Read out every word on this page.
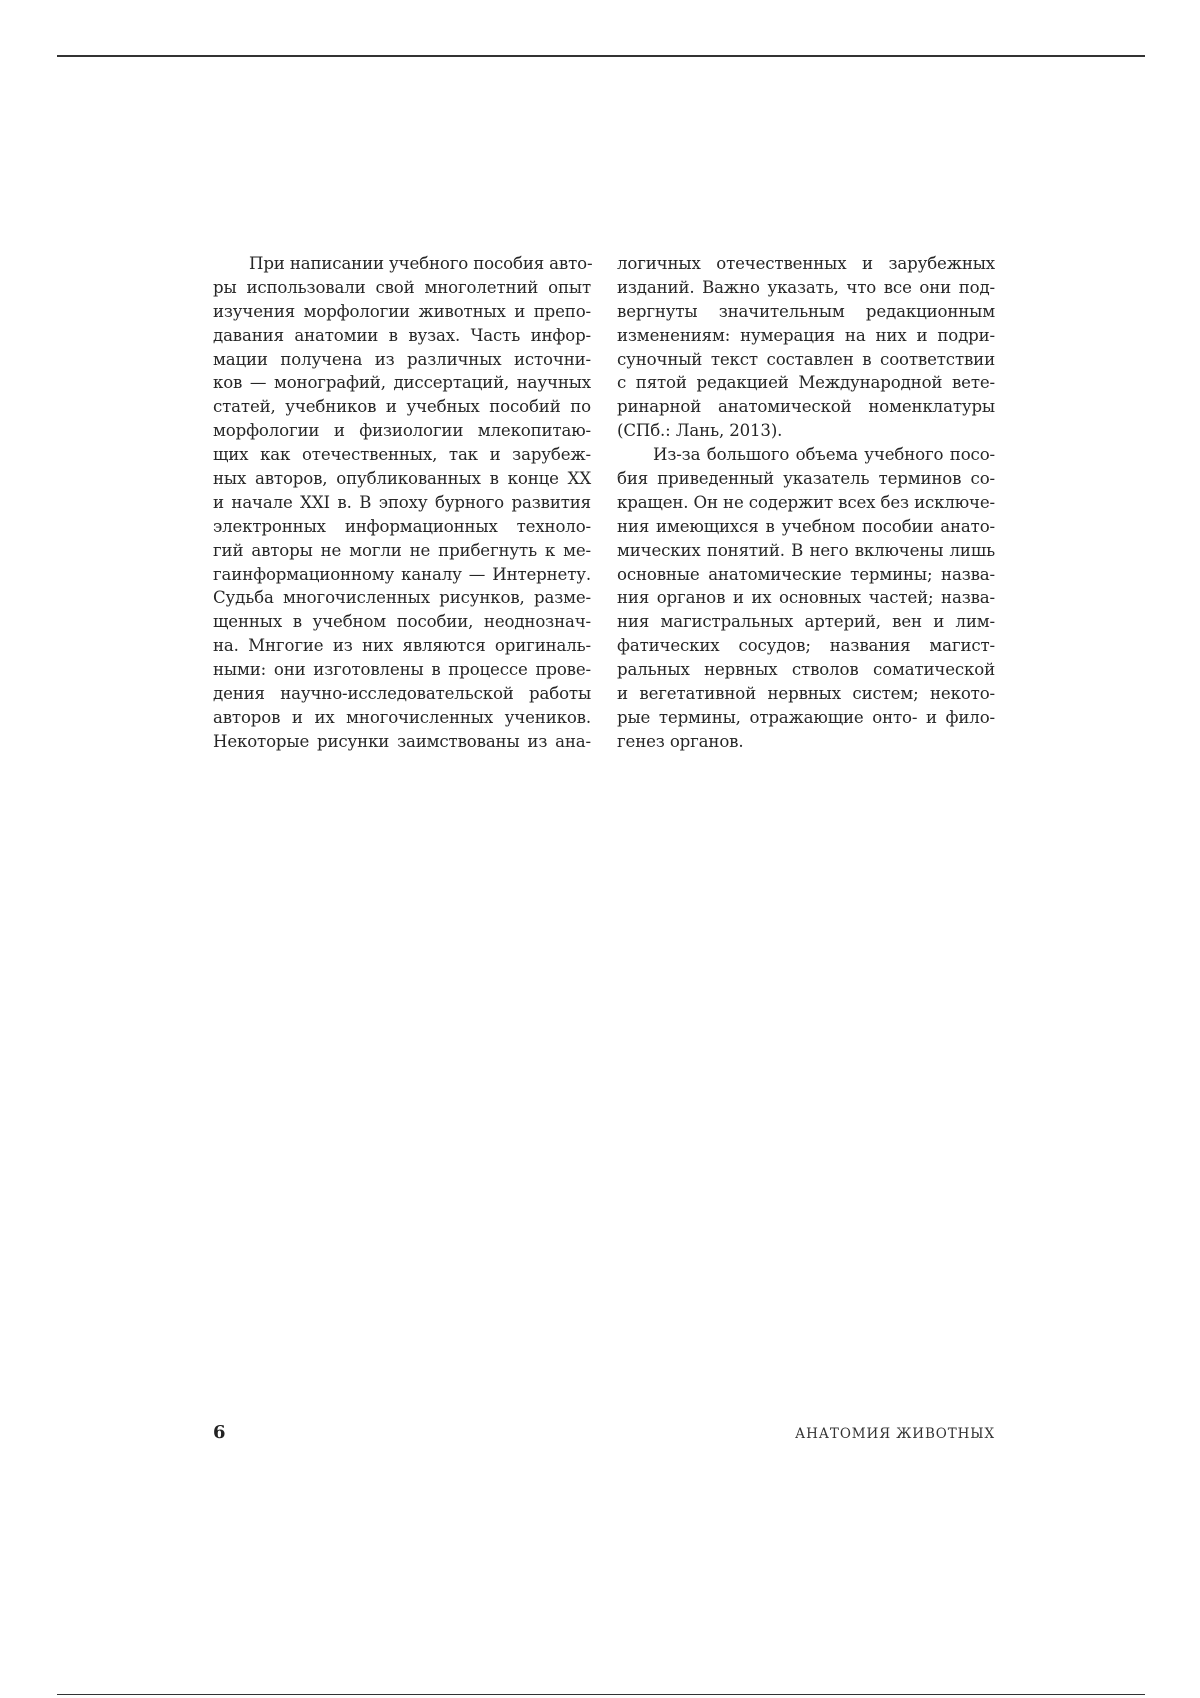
При написании учебного пособия авто-
ры использовали свой многолетний опыт
изучения морфологии животных и препо-
давания анатомии в вузах. Часть инфор-
мации получена из различных источни-
ков — монографий, диссертаций, научных
статей, учебников и учебных пособий по
морфологии и физиологии млекопитаю-
щих как отечественных, так и зарубеж-
ных авторов, опубликованных в конце XX
и начале XXI в. В эпоху бурного развития
электронных информационных техноло-
гий авторы не могли не прибегнуть к ме-
гаинформационному каналу — Интернету.
Судьба многочисленных рисунков, разме-
щенных в учебном пособии, неоднознач-
на. Мнгогие из них являются оригиналь-
ными: они изготовлены в процессе прове-
дения научно-исследовательской работы
авторов и их многочисленных учеников.
Некоторые рисунки заимствованы из ана-
логичных отечественных и зарубежных
изданий. Важно указать, что все они под-
вергнуты значительным редакционным
изменениям: нумерация на них и подри-
суночный текст составлен в соответствии
с пятой редакцией Международной вете-
ринарной анатомической номенклатуры
(СПб.: Лань, 2013).
Из-за большого объема учебного посо-
бия приведенный указатель терминов со-
кращен. Он не содержит всех без исключе-
ния имеющихся в учебном пособии анато-
мических понятий. В него включены лишь
основные анатомические термины; назва-
ния органов и их основных частей; назва-
ния магистральных артерий, вен и лим-
фатических сосудов; названия магист-
ральных нервных стволов соматической
и вегетативной нервных систем; некото-
рые термины, отражающие онто- и фило-
генез органов.
6	АНАТОМИЯ ЖИВОТНЫХ
